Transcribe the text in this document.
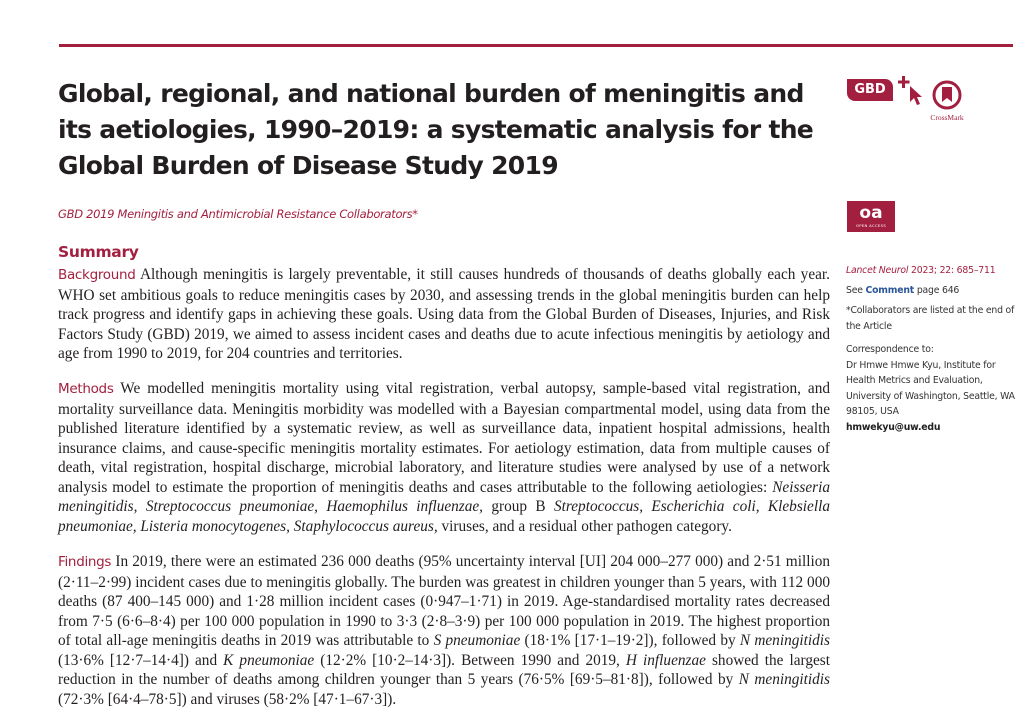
Global, regional, and national burden of meningitis and its aetiologies, 1990–2019: a systematic analysis for the Global Burden of Disease Study 2019
GBD 2019 Meningitis and Antimicrobial Resistance Collaborators*
GBD
CrossMark
oa
OPEN ACCESS
Summary

Background Although meningitis is largely preventable, it still causes hundreds of thousands of deaths globally each year. WHO set ambitious goals to reduce meningitis cases by 2030, and assessing trends in the global meningitis burden can help track progress and identify gaps in achieving these goals. Using data from the Global Burden of Diseases, Injuries, and Risk Factors Study (GBD) 2019, we aimed to assess incident cases and deaths due to acute infectious meningitis by aetiology and age from 1990 to 2019, for 204 countries and territories.

Methods We modelled meningitis mortality using vital registration, verbal autopsy, sample-based vital registration, and mortality surveillance data. Meningitis morbidity was modelled with a Bayesian compartmental model, using data from the published literature identified by a systematic review, as well as surveillance data, inpatient hospital admissions, health insurance claims, and cause-specific meningitis mortality estimates. For aetiology estimation, data from multiple causes of death, vital registration, hospital discharge, microbial laboratory, and literature studies were analysed by use of a network analysis model to estimate the proportion of meningitis deaths and cases attributable to the following aetiologies: Neisseria meningitidis, Streptococcus pneumoniae, Haemophilus influenzae, group B Streptococcus, Escherichia coli, Klebsiella pneumoniae, Listeria monocytogenes, Staphylococcus aureus, viruses, and a residual other pathogen category.

Findings In 2019, there were an estimated 236 000 deaths (95% uncertainty interval [UI] 204 000–277 000) and 2·51 million (2·11–2·99) incident cases due to meningitis globally. The burden was greatest in children younger than 5 years, with 112 000 deaths (87 400–145 000) and 1·28 million incident cases (0·947–1·71) in 2019. Age-standardised mortality rates decreased from 7·5 (6·6–8·4) per 100 000 population in 1990 to 3·3 (2·8–3·9) per 100 000 population in 2019. The highest proportion of total all-age meningitis deaths in 2019 was attributable to S pneumoniae (18·1% [17·1–19·2]), followed by N meningitidis (13·6% [12·7–14·4]) and K pneumoniae (12·2% [10·2–14·3]). Between 1990 and 2019, H influenzae showed the largest reduction in the number of deaths among children younger than 5 years (76·5% [69·5–81·8]), followed by N meningitidis (72·3% [64·4–78·5]) and viruses (58·2% [47·1–67·3]).

Lancet Neurol 2023; 22: 685–711
See Comment page 646
*Collaborators are listed at the end of the Article
Correspondence to:
Dr Hmwe Hmwe Kyu, Institute for Health Metrics and Evaluation, University of Washington, Seattle, WA 98105, USA
hmwekyu@uw.edu
